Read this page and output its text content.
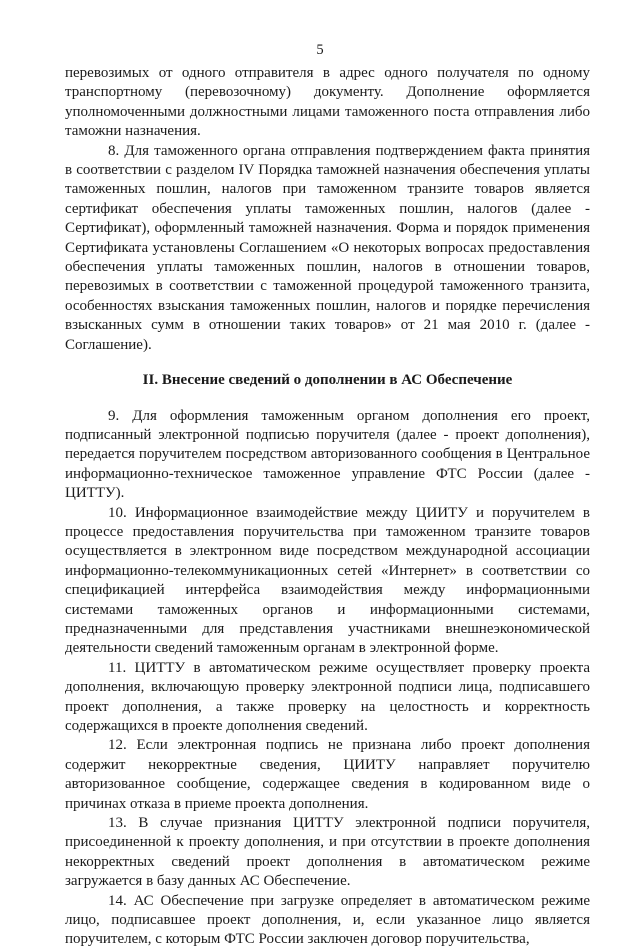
5

перевозимых от одного отправителя в адрес одного получателя по одному транспортному (перевозочному) документу. Дополнение оформляется уполномоченными должностными лицами таможенного поста отправления либо таможни назначения.

8. Для таможенного органа отправления подтверждением факта принятия в соответствии с разделом IV Порядка таможней назначения обеспечения уплаты таможенных пошлин, налогов при таможенном транзите товаров является сертификат обеспечения уплаты таможенных пошлин, налогов (далее - Сертификат), оформленный таможней назначения. Форма и порядок применения Сертификата установлены Соглашением «О некоторых вопросах предоставления обеспечения уплаты таможенных пошлин, налогов в отношении товаров, перевозимых в соответствии с таможенной процедурой таможенного транзита, особенностях взыскания таможенных пошлин, налогов и порядке перечисления взысканных сумм в отношении таких товаров» от 21 мая 2010 г. (далее - Соглашение).

II. Внесение сведений о дополнении в АС Обеспечение

9. Для оформления таможенным органом дополнения его проект, подписанный электронной подписью поручителя (далее - проект дополнения), передается поручителем посредством авторизованного сообщения в Центральное информационно-техническое таможенное управление ФТС России (далее - ЦИТТУ).

10. Информационное взаимодействие между ЦИИТУ и поручителем в процессе предоставления поручительства при таможенном транзите товаров осуществляется в электронном виде посредством международной ассоциации информационно-телекоммуникационных сетей «Интернет» в соответствии со спецификацией интерфейса взаимодействия между информационными системами таможенных органов и информационными системами, предназначенными для представления участниками внешнеэкономической деятельности сведений таможенным органам в электронной форме.

11. ЦИТТУ в автоматическом режиме осуществляет проверку проекта дополнения, включающую проверку электронной подписи лица, подписавшего проект дополнения, а также проверку на целостность и корректность содержащихся в проекте дополнения сведений.

12. Если электронная подпись не признана либо проект дополнения содержит некорректные сведения, ЦИИТУ направляет поручителю авторизованное сообщение, содержащее сведения в кодированном виде о причинах отказа в приеме проекта дополнения.

13. В случае признания ЦИТТУ электронной подписи поручителя, присоединенной к проекту дополнения, и при отсутствии в проекте дополнения некорректных сведений проект дополнения в автоматическом режиме загружается в базу данных АС Обеспечение.

14. АС Обеспечение при загрузке определяет в автоматическом режиме лицо, подписавшее проект дополнения, и, если указанное лицо является поручителем, с которым ФТС России заключен договор поручительства,
